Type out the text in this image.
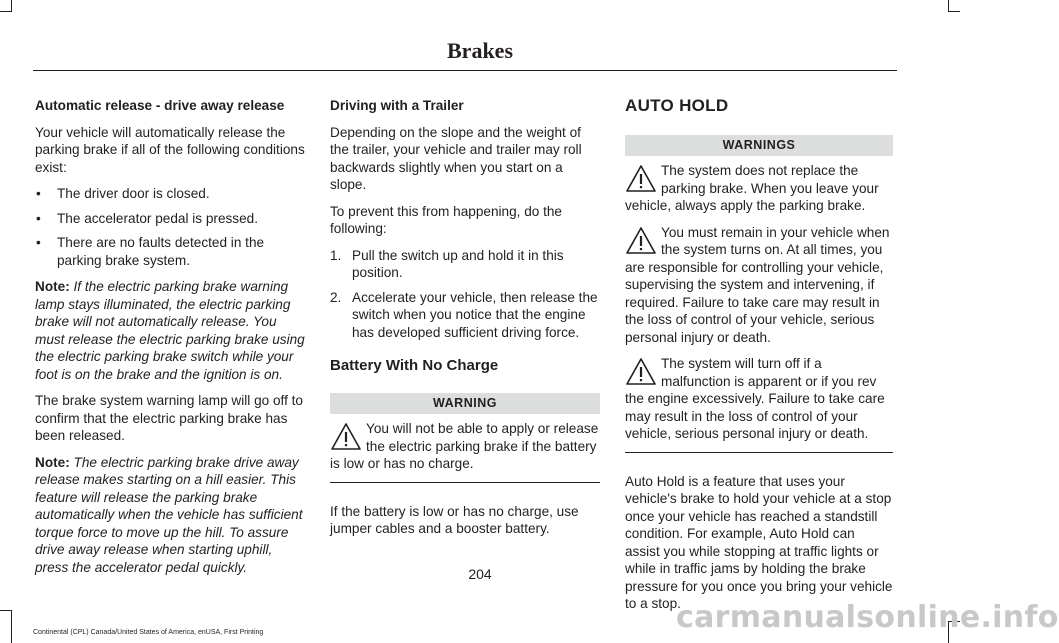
Brakes
Automatic release - drive away release

Your vehicle will automatically release the parking brake if all of the following conditions exist:

• The driver door is closed.
• The accelerator pedal is pressed.
• There are no faults detected in the parking brake system.

Note: If the electric parking brake warning lamp stays illuminated, the electric parking brake will not automatically release. You must release the electric parking brake using the electric parking brake switch while your foot is on the brake and the ignition is on.

The brake system warning lamp will go off to confirm that the electric parking brake has been released.

Note: The electric parking brake drive away release makes starting on a hill easier. This feature will release the parking brake automatically when the vehicle has sufficient torque force to move up the hill. To assure drive away release when starting uphill, press the accelerator pedal quickly.

Driving with a Trailer

Depending on the slope and the weight of the trailer, your vehicle and trailer may roll backwards slightly when you start on a slope.

To prevent this from happening, do the following:

1. Pull the switch up and hold it in this position.
2. Accelerate your vehicle, then release the switch when you notice that the engine has developed sufficient driving force.
Battery With No Charge
WARNING
You will not be able to apply or release the electric parking brake if the battery is low or has no charge.

If the battery is low or has no charge, use jumper cables and a booster battery.

AUTO HOLD
WARNINGS
The system does not replace the parking brake. When you leave your vehicle, always apply the parking brake.
You must remain in your vehicle when the system turns on. At all times, you are responsible for controlling your vehicle, supervising the system and intervening, if required. Failure to take care may result in the loss of control of your vehicle, serious personal injury or death.
The system will turn off if a malfunction is apparent or if you rev the engine excessively. Failure to take care may result in the loss of control of your vehicle, serious personal injury or death.

Auto Hold is a feature that uses your vehicle's brake to hold your vehicle at a stop once your vehicle has reached a standstill condition. For example, Auto Hold can assist you while stopping at traffic lights or while in traffic jams by holding the brake pressure for you once you bring your vehicle to a stop.

204
Continental (CPL) Canada/United States of America, enUSA, First Printing	carmanualsonline.info
